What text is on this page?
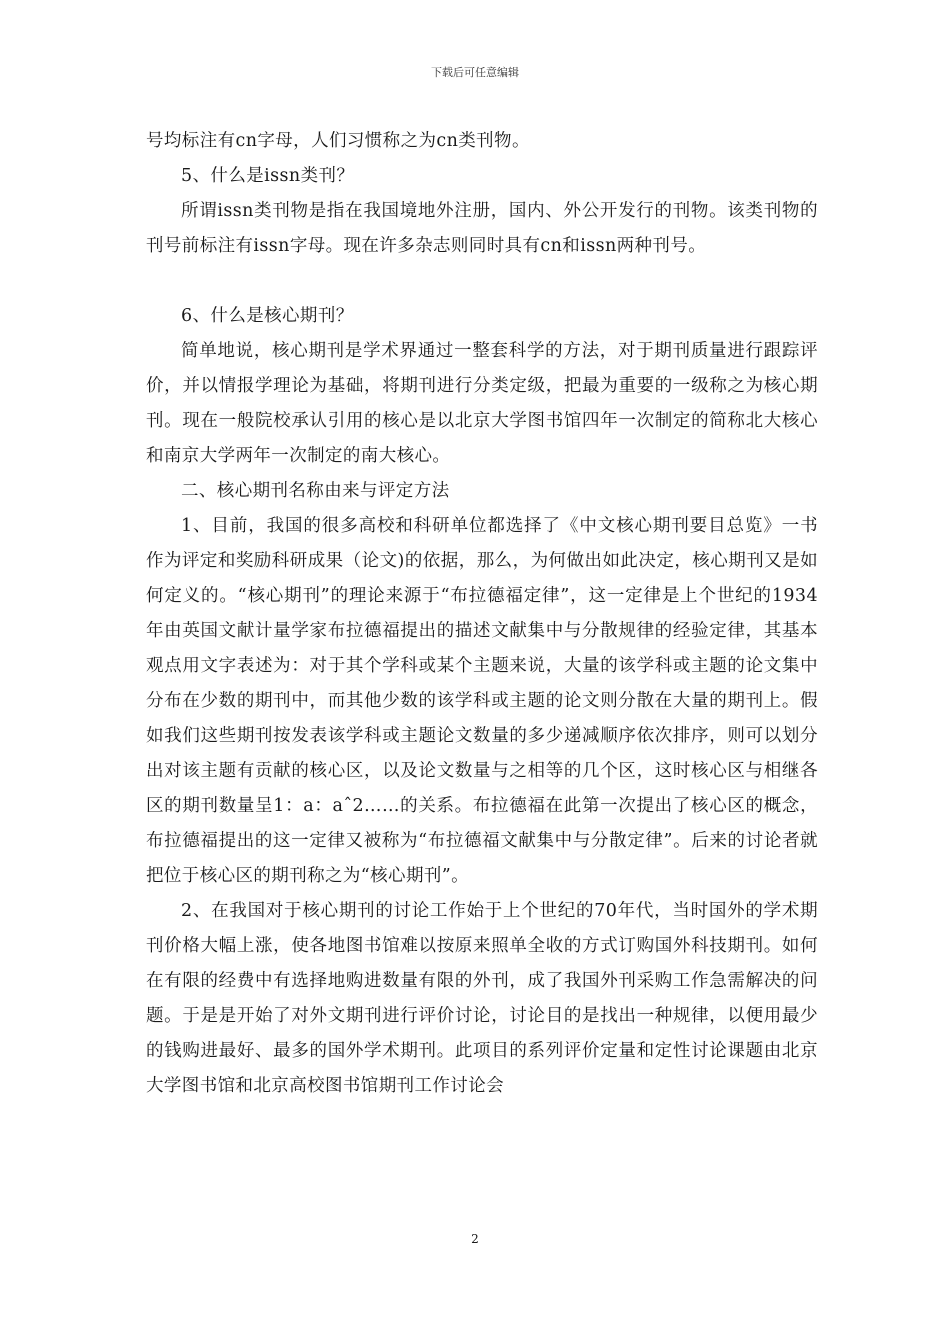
下载后可任意编辑

号均标注有cn字母，人们习惯称之为cn类刊物。

5、什么是issn类刊？

所谓issn类刊物是指在我国境地外注册，国内、外公开发行的刊物。该类刊物的刊号前标注有issn字母。现在许多杂志则同时具有cn和issn两种刊号。

6、什么是核心期刊？

简单地说，核心期刊是学术界通过一整套科学的方法，对于期刊质量进行跟踪评价，并以情报学理论为基础，将期刊进行分类定级，把最为重要的一级称之为核心期刊。现在一般院校承认引用的核心是以北京大学图书馆四年一次制定的简称北大核心和南京大学两年一次制定的南大核心。

二、核心期刊名称由来与评定方法

1、目前，我国的很多高校和科研单位都选择了《中文核心期刊要目总览》一书作为评定和奖励科研成果（论文)的依据，那么，为何做出如此决定，核心期刊又是如何定义的。“核心期刊”的理论来源于“布拉德福定律”，这一定律是上个世纪的1934年由英国文献计量学家布拉德福提出的描述文献集中与分散规律的经验定律，其基本观点用文字表述为：对于其个学科或某个主题来说，大量的该学科或主题的论文集中分布在少数的期刊中，而其他少数的该学科或主题的论文则分散在大量的期刊上。假如我们这些期刊按发表该学科或主题论文数量的多少递减顺序依次排序，则可以划分出对该主题有贡献的核心区，以及论文数量与之相等的几个区，这时核心区与相继各区的期刊数量呈1：a：aˆ2……的关系。布拉德福在此第一次提出了核心区的概念，布拉德福提出的这一定律又被称为“布拉德福文献集中与分散定律”。后来的讨论者就把位于核心区的期刊称之为“核心期刊”。

2、在我国对于核心期刊的讨论工作始于上个世纪的70年代，当时国外的学术期刊价格大幅上涨，使各地图书馆难以按原来照单全收的方式订购国外科技期刊。如何在有限的经费中有选择地购进数量有限的外刊，成了我国外刊采购工作急需解决的问题。于是是开始了对外文期刊进行评价讨论，讨论目的是找出一种规律，以便用最少的钱购进最好、最多的国外学术期刊。此项目的系列评价定量和定性讨论课题由北京大学图书馆和北京高校图书馆期刊工作讨论会

2
